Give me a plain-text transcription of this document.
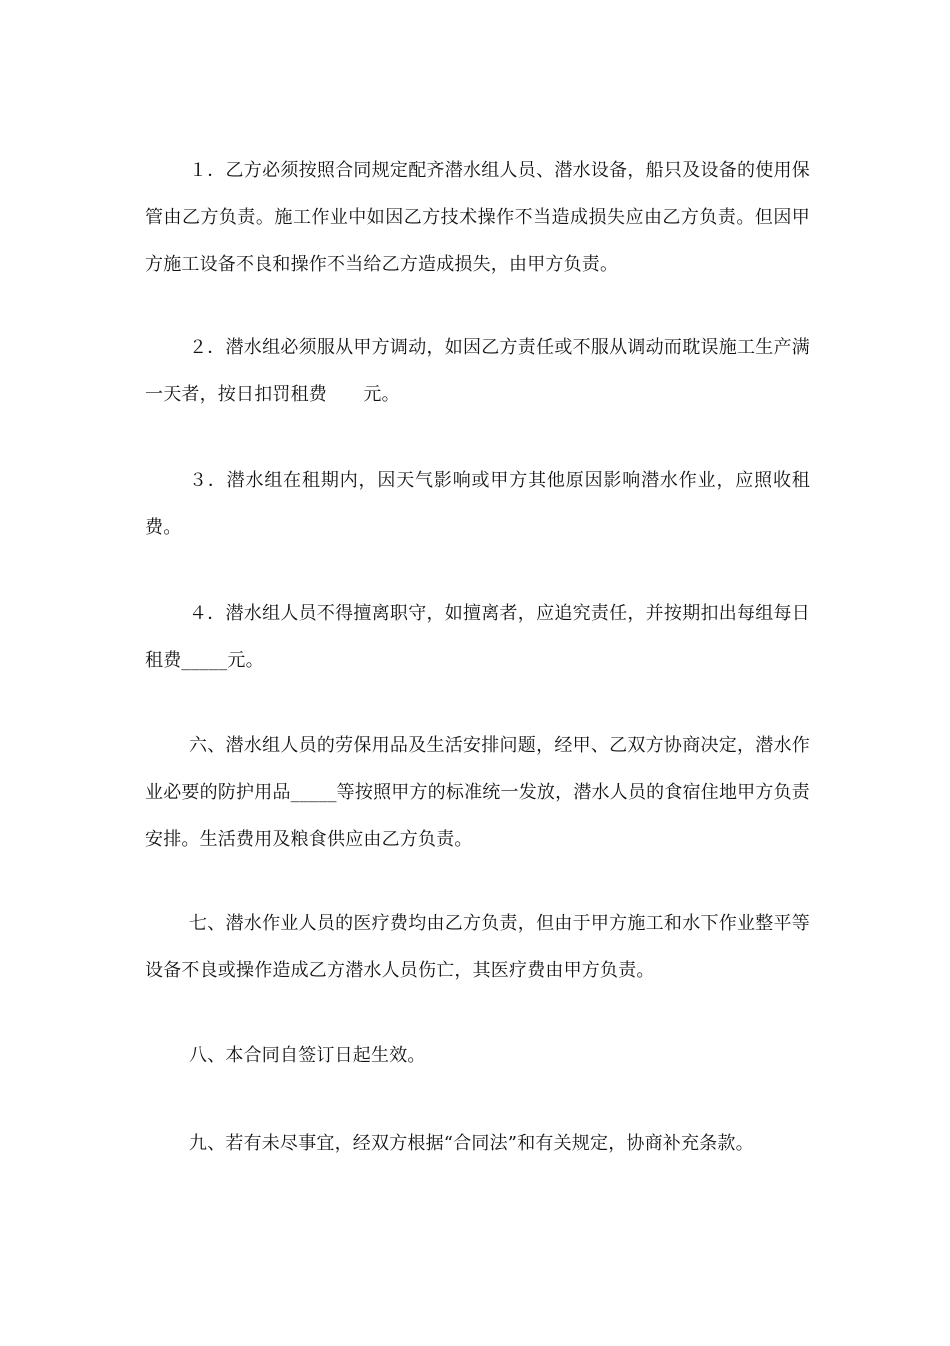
１．乙方必须按照合同规定配齐潜水组人员、潜水设备，船只及设备的使用保管由乙方负责。施工作业中如因乙方技术操作不当造成损失应由乙方负责。但因甲方施工设备不良和操作不当给乙方造成损失，由甲方负责。

２．潜水组必须服从甲方调动，如因乙方责任或不服从调动而耽误施工生产满一天者，按日扣罚租费　　元。

３．潜水组在租期内，因天气影响或甲方其他原因影响潜水作业，应照收租费。

４．潜水组人员不得擅离职守，如擅离者，应追究责任，并按期扣出每组每日租费_____元。

六、潜水组人员的劳保用品及生活安排问题，经甲、乙双方协商决定，潜水作业必要的防护用品_____等按照甲方的标准统一发放，潜水人员的食宿住地甲方负责安排。生活费用及粮食供应由乙方负责。

七、潜水作业人员的医疗费均由乙方负责，但由于甲方施工和水下作业整平等设备不良或操作造成乙方潜水人员伤亡，其医疗费由甲方负责。

八、本合同自签订日起生效。

九、若有未尽事宜，经双方根据“合同法”和有关规定，协商补充条款。
